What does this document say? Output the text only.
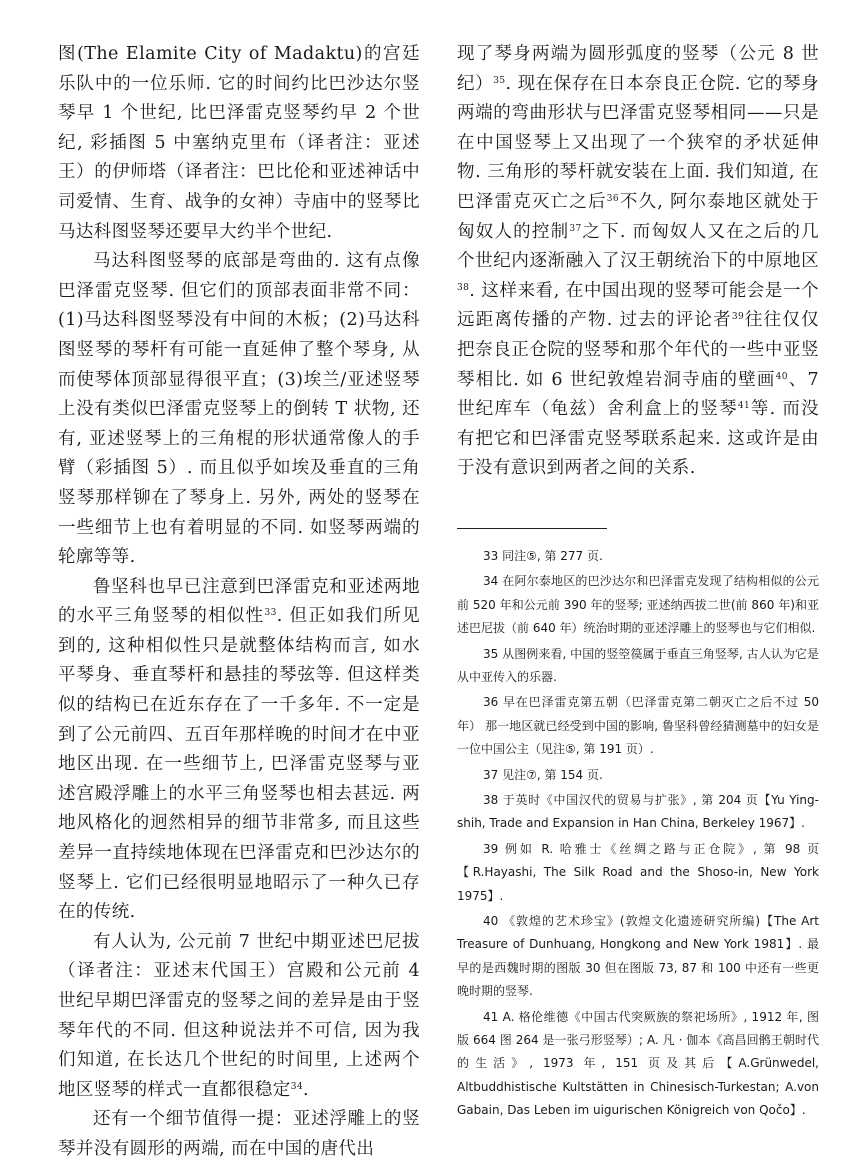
图(The Elamite City of Madaktu)的宫廷乐队中的一位乐师. 它的时间约比巴沙达尔竖琴早 1 个世纪, 比巴泽雷克竖琴约早 2 个世纪, 彩插图 5 中塞纳克里布（译者注：亚述王）的伊师塔（译者注：巴比伦和亚述神话中司爱情、生育、战争的女神）寺庙中的竖琴比马达科图竖琴还要早大约半个世纪.

马达科图竖琴的底部是弯曲的. 这有点像巴泽雷克竖琴. 但它们的顶部表面非常不同：(1)马达科图竖琴没有中间的木板；(2)马达科图竖琴的琴杆有可能一直延伸了整个琴身, 从而使琴体顶部显得很平直；(3)埃兰/亚述竖琴上没有类似巴泽雷克竖琴上的倒转 T 状物, 还有, 亚述竖琴上的三角棍的形状通常像人的手臂（彩插图 5）. 而且似乎如埃及垂直的三角竖琴那样铆在了琴身上. 另外, 两处的竖琴在一些细节上也有着明显的不同. 如竖琴两端的轮廓等等.

鲁坚科也早已注意到巴泽雷克和亚述两地的水平三角竖琴的相似性$^{33}$. 但正如我们所见到的, 这种相似性只是就整体结构而言, 如水平琴身、垂直琴杆和悬挂的琴弦等. 但这样类似的结构已在近东存在了一千多年. 不一定是到了公元前四、五百年那样晚的时间才在中亚地区出现. 在一些细节上, 巴泽雷克竖琴与亚述宫殿浮雕上的水平三角竖琴也相去甚远. 两地风格化的迥然相异的细节非常多, 而且这些差异一直持续地体现在巴泽雷克和巴沙达尔的竖琴上. 它们已经很明显地昭示了一种久已存在的传统.

有人认为, 公元前 7 世纪中期亚述巴尼拔（译者注：亚述末代国王）宫殿和公元前 4 世纪早期巴泽雷克的竖琴之间的差异是由于竖琴年代的不同. 但这种说法并不可信, 因为我们知道, 在长达几个世纪的时间里, 上述两个地区竖琴的样式一直都很稳定$^{34}$.

还有一个细节值得一提：亚述浮雕上的竖琴并没有圆形的两端, 而在中国的唐代出

现了琴身两端为圆形弧度的竖琴（公元 8 世纪）$^{35}$. 现在保存在日本奈良正仓院. 它的琴身两端的弯曲形状与巴泽雷克竖琴相同——只是在中国竖琴上又出现了一个狭窄的矛状延伸物. 三角形的琴杆就安装在上面. 我们知道, 在巴泽雷克灭亡之后$^{36}$不久, 阿尔泰地区就处于匈奴人的控制$^{37}$之下. 而匈奴人又在之后的几个世纪内逐渐融入了汉王朝统治下的中原地区$^{38}$. 这样来看, 在中国出现的竖琴可能会是一个远距离传播的产物. 过去的评论者$^{39}$往往仅仅把奈良正仓院的竖琴和那个年代的一些中亚竖琴相比. 如 6 世纪敦煌岩洞寺庙的壁画$^{40}$、7 世纪库车（龟兹）舍利盒上的竖琴$^{41}$等. 而没有把它和巴泽雷克竖琴联系起来. 这或许是由于没有意识到两者之间的关系.

33 同注⑤, 第 277 页.

34 在阿尔泰地区的巴沙达尔和巴泽雷克发现了结构相似的公元前 520 年和公元前 390 年的竖琴; 亚述纳西拔二世(前 860 年)和亚述巴尼拔（前 640 年）统治时期的亚述浮雕上的竖琴也与它们相似.

35 从图例来看, 中国的竖箜篌属于垂直三角竖琴, 古人认为它是从中亚传入的乐器.

36 早在巴泽雷克第五朝（巴泽雷克第二朝灭亡之后不过 50 年） 那一地区就已经受到中国的影响, 鲁坚科曾经猜测墓中的妇女是一位中国公主（见注⑤, 第 191 页）.

37 见注⑦, 第 154 页.

38 于英时《中国汉代的贸易与扩张》, 第 204 页【Yu Ying-shih, Trade and Expansion in Han China, Berkeley 1967】.

39 例如 R. 哈雅士《丝绸之路与正仓院》, 第 98 页【R.Hayashi, The Silk Road and the Shoso-in, New York 1975】.

40 《敦煌的艺术珍宝》(敦煌文化遗迹研究所编)【The Art Treasure of Dunhuang, Hongkong and New York 1981】. 最早的是西魏时期的图版 30 但在图版 73, 87 和 100 中还有一些更晚时期的竖琴.

41 A. 格伦维德《中国古代突厥族的祭祀场所》, 1912 年, 图版 664 图 264 是一张弓形竖琴）; A. 凡 · 伽本《高昌回鹘王朝时代的生活》, 1973 年, 151 页及其后【A.Grünwedel, Altbuddhistische Kultstätten in Chinesisch-Turkestan; A.von Gabain, Das Leben im uigurischen Königreich von Qočo】.
